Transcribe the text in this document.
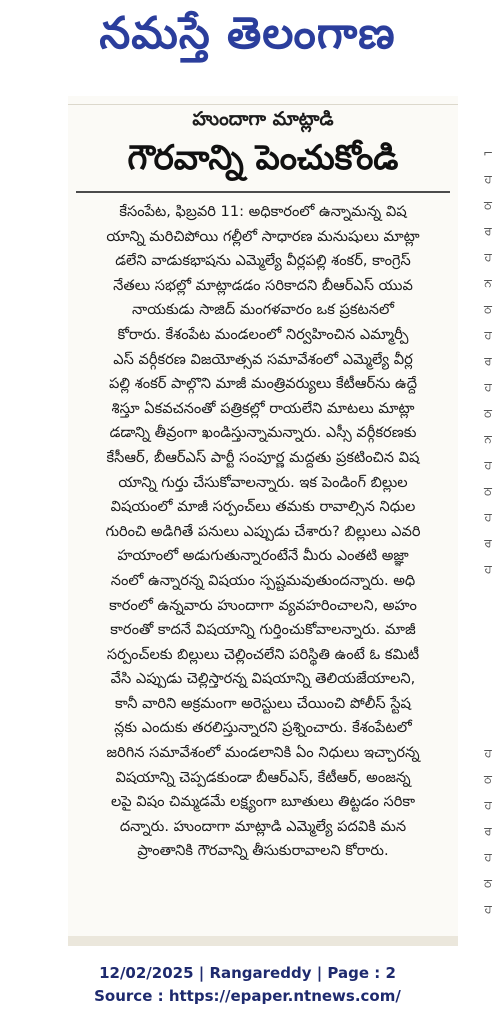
నమస్తే తెలంగాణ
హుందాగా మాట్లాడి
గౌరవాన్ని పెంచుకోండి
కేసంపేట, ఫిబ్రవరి 11: అధికారంలో ఉన్నామన్న విష
యాన్ని మరిచిపోయి గల్లీలో సాధారణ మనుషులు మాట్లా
డలేని వాడుకభాషను ఎమ్మెల్యే వీర్లపల్లి శంకర్, కాంగ్రెస్
నేతలు సభల్లో మాట్లాడడం సరికాదని బీఆర్ఎస్ యువ
నాయకుడు సాజిద్ మంగళవారం ఒక ప్రకటనలో
కోరారు. కేశంపేట మండలంలో నిర్వహించిన ఎమ్మార్పీ
ఎస్ వర్గీకరణ విజయోత్సవ సమావేశంలో ఎమ్మెల్యే వీర్ల
పల్లి శంకర్ పాల్గొని మాజీ మంత్రివర్యులు కేటీఆర్‌ను ఉద్దే
శిస్తూ ఏకవచనంతో పత్రికల్లో రాయలేని మాటలు మాట్లా
డడాన్ని తీవ్రంగా ఖండిస్తున్నామన్నారు. ఎస్సీ వర్గీకరణకు
కేసీఆర్, బీఆర్ఎస్ పార్టీ సంపూర్ణ మద్దతు ప్రకటించిన విష
యాన్ని గుర్తు చేసుకోవాలన్నారు. ఇక పెండింగ్ బిల్లుల
విషయంలో మాజీ సర్పంచ్‌లు తమకు రావాల్సిన నిధుల
గురించి అడిగితే పనులు ఎప్పుడు చేశారు? బిల్లులు ఎవరి
హయాంలో అడుగుతున్నారంటేనే మీరు ఎంతటి అజ్ఞా
నంలో ఉన్నారన్న విషయం స్పష్టమవుతుందన్నారు. అధి
కారంలో ఉన్నవారు హుందాగా వ్యవహరించాలని, అహం
కారంతో కాదనే విషయాన్ని గుర్తించుకోవాలన్నారు. మాజీ
సర్పంచ్‌లకు బిల్లులు చెల్లించలేని పరిస్థితి ఉంటే ఓ కమిటీ
వేసి ఎప్పుడు చెల్లిస్తారన్న విషయాన్ని తెలియజేయాలని,
కానీ వారిని అక్రమంగా అరెస్టులు చేయించి పోలీస్ స్టేష
న్లకు ఎందుకు తరలిస్తున్నారని ప్రశ్నించారు. కేశంపేటలో
జరిగిన సమావేశంలో మండలానికి ఏం నిధులు ఇచ్చారన్న
విషయాన్ని చెప్పడకుండా బీఆర్ఎస్, కేటీఆర్, అంజన్న
లపై విషం చిమ్మడమే లక్ష్యంగా బూతులు తిట్టడం సరికా
దన్నారు. హుందాగా మాట్లాడి ఎమ్మెల్యే పదవికి మన
ప్రాంతానికి గౌరవాన్ని తీసుకురావాలని కోరారు.
⌐
ਹ
ਠ
ਰ
ਹ
ਨ
ਠ
ਹ
ਰ
ਹ
ਠ
ਨ
ਹ
ਠ
ਹ
ਰ
ਹ
ਹ
ਠ
ਹ
ਰ
ਹ
ਠ
ਹ
12/02/2025 | Rangareddy | Page : 2
Source : https://epaper.ntnews.com/
